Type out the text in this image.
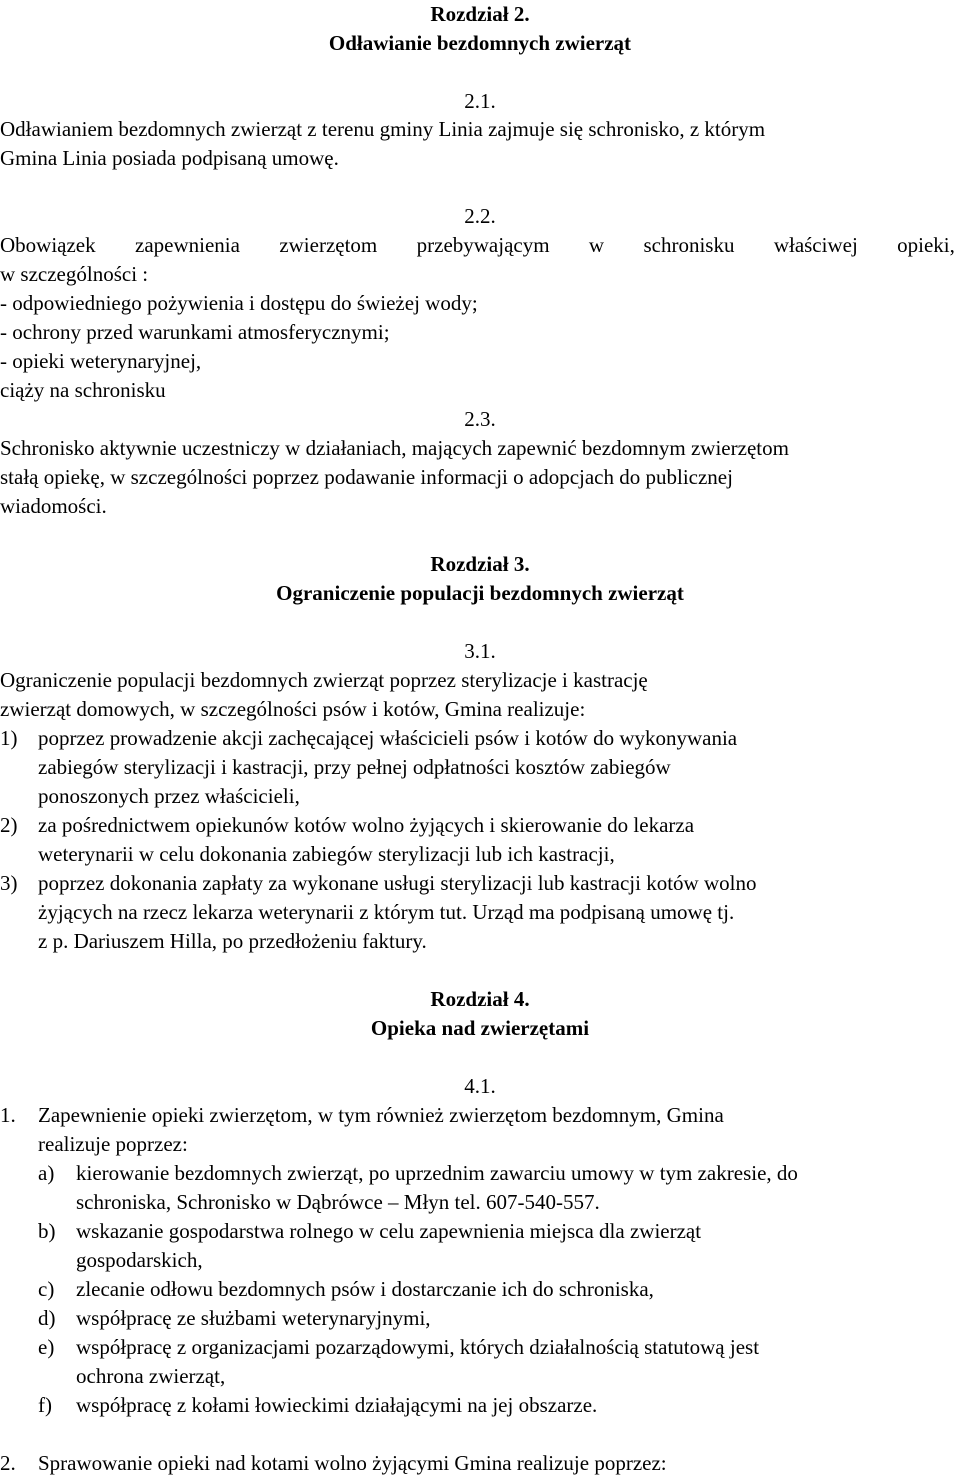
Rozdział 2.
Odławianie bezdomnych zwierząt
2.1.
Odławianiem bezdomnych zwierząt z terenu gminy Linia zajmuje się schronisko, z którym
Gmina Linia posiada podpisaną umowę.
2.2.
Obowiązek zapewnienia zwierzętom przebywającym w schronisku właściwej opieki,
w szczególności :
- odpowiedniego pożywienia i dostępu do świeżej wody;
- ochrony przed warunkami atmosferycznymi;
- opieki weterynaryjnej,
ciąży na schronisku
2.3.
Schronisko aktywnie uczestniczy w działaniach, mających zapewnić bezdomnym zwierzętom
stałą opiekę, w szczególności poprzez podawanie informacji o adopcjach do publicznej
wiadomości.
Rozdział 3.
Ograniczenie populacji bezdomnych zwierząt
3.1.
Ograniczenie populacji bezdomnych zwierząt poprzez sterylizacje i kastrację
zwierząt domowych, w szczególności psów i kotów, Gmina realizuje:
1) poprzez prowadzenie akcji zachęcającej właścicieli psów i kotów do wykonywania
zabiegów sterylizacji i kastracji, przy pełnej odpłatności kosztów zabiegów
ponoszonych przez właścicieli,
2) za pośrednictwem opiekunów kotów wolno żyjących i skierowanie do lekarza
weterynarii w celu dokonania zabiegów sterylizacji lub ich kastracji,
3) poprzez dokonania zapłaty za wykonane usługi sterylizacji lub kastracji kotów wolno
żyjących na rzecz lekarza weterynarii z którym tut. Urząd ma podpisaną umowę tj.
z p. Dariuszem Hilla, po przedłożeniu faktury.
Rozdział 4.
Opieka nad zwierzętami
4.1.
1. Zapewnienie opieki zwierzętom, w tym również zwierzętom bezdomnym, Gmina
realizuje poprzez:
a) kierowanie bezdomnych zwierząt, po uprzednim zawarciu umowy w tym zakresie, do
schroniska, Schronisko w Dąbrówce – Młyn tel. 607-540-557.
b) wskazanie gospodarstwa rolnego w celu zapewnienia miejsca dla zwierząt
gospodarskich,
c) zlecanie odłowu bezdomnych psów i dostarczanie ich do schroniska,
d) współpracę ze służbami weterynaryjnymi,
e) współpracę z organizacjami pozarządowymi, których działalnością statutową jest
ochrona zwierząt,
f) współpracę z kołami łowieckimi działającymi na jej obszarze.
2. Sprawowanie opieki nad kotami wolno żyjącymi Gmina realizuje poprzez:
